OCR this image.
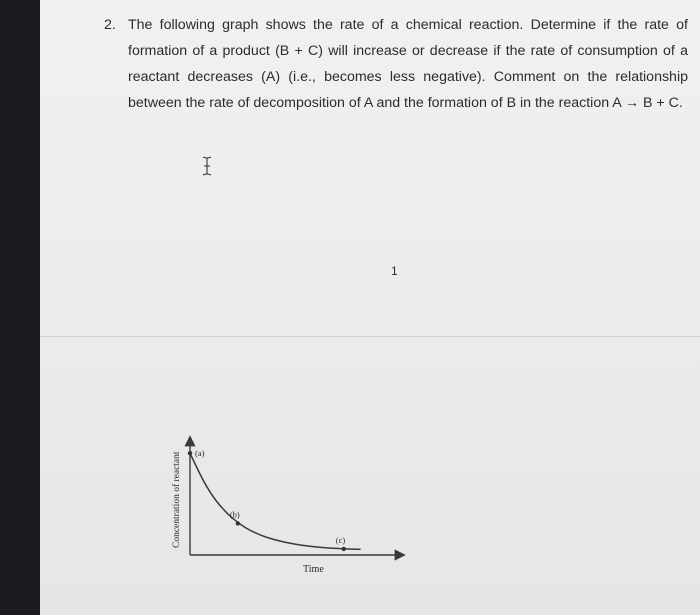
2. The following graph shows the rate of a chemical reaction. Determine if the rate of formation of a product (B + C) will increase or decrease if the rate of consumption of a reactant decreases (A) (i.e., becomes less negative). Comment on the relationship between the rate of decomposition of A and the formation of B in the reaction A → B + C.
1
(a)
(b)
(c)
Concentration of reactant
Time
